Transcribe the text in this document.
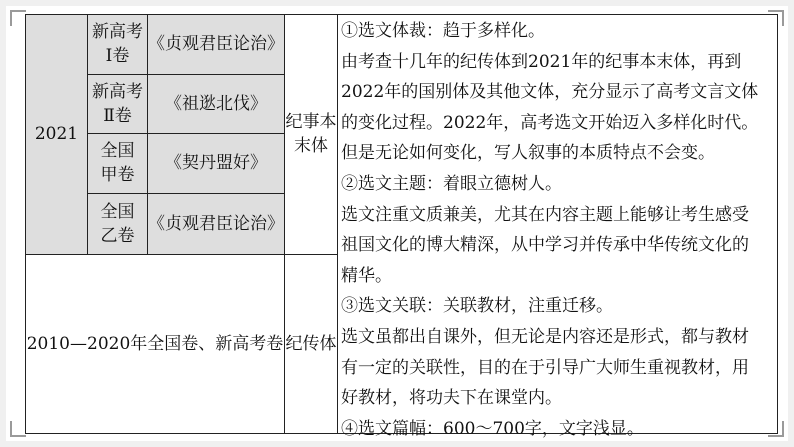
2021
新高考
Ⅰ卷
《贞观君臣论治》
新高考
Ⅱ卷
《祖逖北伐》
全国
甲卷
《契丹盟好》
全国
乙卷
《贞观君臣论治》
纪事本
末体
2010—2020年全国卷、新高考卷 纪传体

①选文体裁：趋于多样化。

由考查十几年的纪传体到2021年的纪事本末体，再到

2022年的国别体及其他文体，充分显示了高考文言文体

的变化过程。2022年，高考选文开始迈入多样化时代。

但是无论如何变化，写人叙事的本质特点不会变。

②选文主题：着眼立德树人。

选文注重文质兼美，尤其在内容主题上能够让考生感受

祖国文化的博大精深，从中学习并传承中华传统文化的

精华。

③选文关联：关联教材，注重迁移。

选文虽都出自课外，但无论是内容还是形式，都与教材

有一定的关联性，目的在于引导广大师生重视教材，用

好教材，将功夫下在课堂内。

④选文篇幅：600～700字，文字浅显。
